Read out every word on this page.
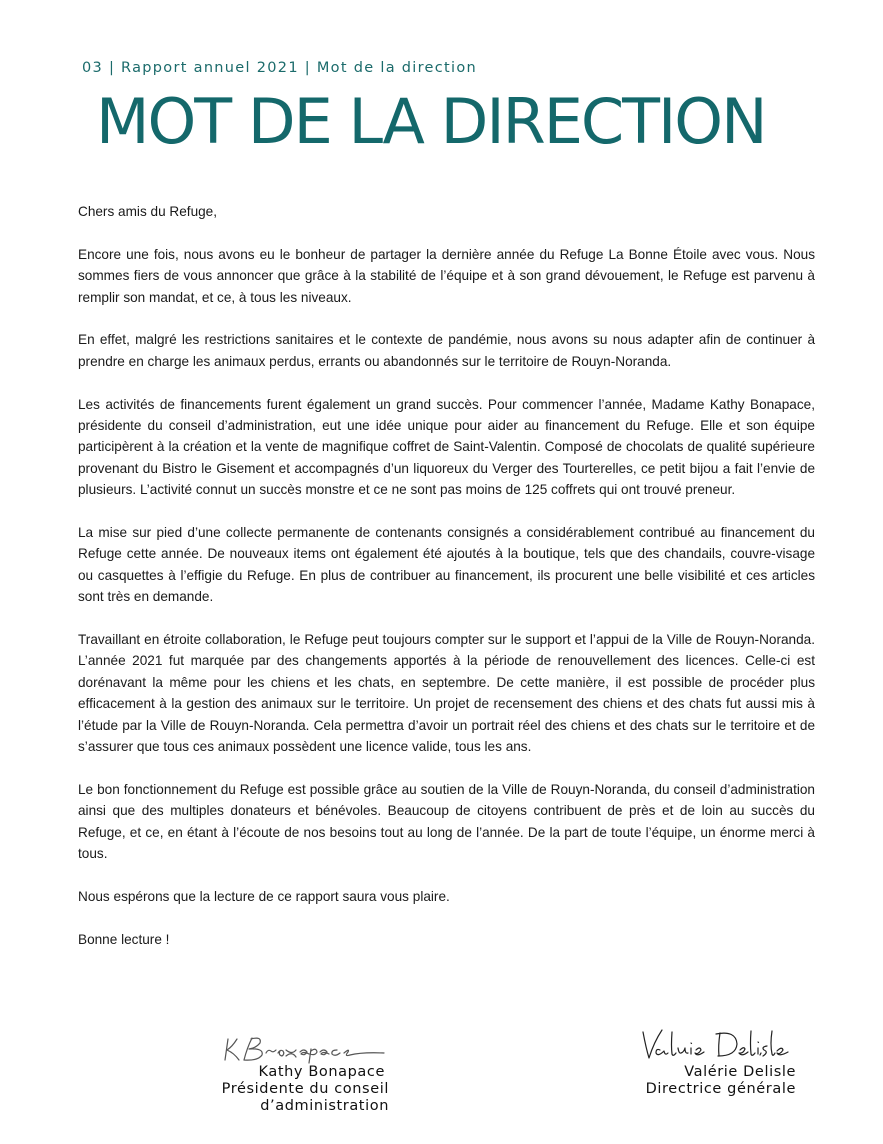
03 | Rapport annuel 2021 | Mot de la direction
MOT DE LA DIRECTION

Chers amis du Refuge,

Encore une fois, nous avons eu le bonheur de partager la dernière année du Refuge La Bonne Étoile avec vous. Nous sommes fiers de vous annoncer que grâce à la stabilité de l’équipe et à son grand dévouement, le Refuge est parvenu à remplir son mandat, et ce, à tous les niveaux.

En effet, malgré les restrictions sanitaires et le contexte de pandémie, nous avons su nous adapter afin de continuer à prendre en charge les animaux perdus, errants ou abandonnés sur le territoire de Rouyn-Noranda.

Les activités de financements furent également un grand succès. Pour commencer l’année, Madame Kathy Bonapace, présidente du conseil d’administration, eut une idée unique pour aider au financement du Refuge. Elle et son équipe participèrent à la création et la vente de magnifique coffret de Saint-Valentin. Composé de chocolats de qualité supérieure provenant du Bistro le Gisement et accompagnés d’un liquoreux du Verger des Tourterelles, ce petit bijou a fait l’envie de plusieurs. L’activité connut un succès monstre et ce ne sont pas moins de 125 coffrets qui ont trouvé preneur.

La mise sur pied d’une collecte permanente de contenants consignés a considérablement contribué au financement du Refuge cette année. De nouveaux items ont également été ajoutés à la boutique, tels que des chandails, couvre-visage ou casquettes à l’effigie du Refuge. En plus de contribuer au financement, ils procurent une belle visibilité et ces articles sont très en demande.

Travaillant en étroite collaboration, le Refuge peut toujours compter sur le support et l’appui de la Ville de Rouyn-Noranda. L’année 2021 fut marquée par des changements apportés à la période de renouvellement des licences. Celle-ci est dorénavant la même pour les chiens et les chats, en septembre. De cette manière, il est possible de procéder plus efficacement à la gestion des animaux sur le territoire. Un projet de recensement des chiens et des chats fut aussi mis à l’étude par la Ville de Rouyn-Noranda. Cela permettra d’avoir un portrait réel des chiens et des chats sur le territoire et de s’assurer que tous ces animaux possèdent une licence valide, tous les ans.

Le bon fonctionnement du Refuge est possible grâce au soutien de la Ville de Rouyn-Noranda, du conseil d’administration ainsi que des multiples donateurs et bénévoles. Beaucoup de citoyens contribuent de près et de loin au succès du Refuge, et ce, en étant à l’écoute de nos besoins tout au long de l’année. De la part de toute l’équipe, un énorme merci à tous.

Nous espérons que la lecture de ce rapport saura vous plaire.

Bonne lecture !

Kathy Bonapace
Présidente du conseil d’administration
Valérie Delisle
Directrice générale
